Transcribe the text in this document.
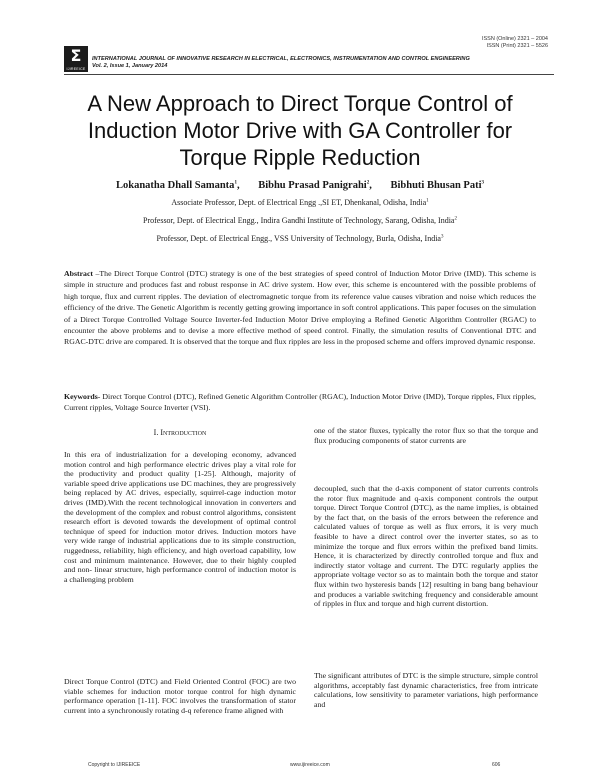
ISSN (Online) 2321 – 2004
ISSN (Print) 2321 – 5526
Σ
IJIREEICE
INTERNATIONAL JOURNAL OF INNOVATIVE RESEARCH IN ELECTRICAL, ELECTRONICS, INSTRUMENTATION AND CONTROL ENGINEERING
Vol. 2, Issue 1, January 2014
A New Approach to Direct Torque Control of
Induction Motor Drive with GA Controller for
Torque Ripple Reduction
Lokanatha Dhall Samanta$^1$, Bibhu Prasad Panigrahi$^2$, Bibhuti Bhusan Pati$^3$
Associate Professor, Dept. of Electrical Engg .,SI ET, Dhenkanal, Odisha, India$^1$
Professor, Dept. of Electrical Engg., Indira Gandhi Institute of Technology, Sarang, Odisha, India$^2$
Professor, Dept. of Electrical Engg., VSS University of Technology, Burla, Odisha, India$^3$
Abstract –The Direct Torque Control (DTC) strategy is one of the best strategies of speed control of Induction Motor Drive (IMD). This scheme is simple in structure and produces fast and robust response in AC drive system. How ever, this scheme is encountered with the possible problems of high torque, flux and current ripples. The deviation of electromagnetic torque from its reference value causes vibration and noise which reduces the efficiency of the drive. The Genetic Algorithm is recently getting growing importance in soft control applications. This paper focuses on the simulation of a Direct Torque Controlled Voltage Source Inverter-fed Induction Motor Drive employing a Refined Genetic Algorithm Controller (RGAC) to encounter the above problems and to devise a more effective method of speed control. Finally, the simulation results of Conventional DTC and RGAC-DTC drive are compared. It is observed that the torque and flux ripples are less in the proposed scheme and offers improved dynamic response.
Keywords- Direct Torque Control (DTC), Refined Genetic Algorithm Controller (RGAC), Induction Motor Drive (IMD), Torque ripples, Flux ripples, Current ripples, Voltage Source Inverter (VSI).
I. Introduction
In this era of industrialization for a developing economy, advanced motion control and high performance electric drives play a vital role for the productivity and product quality [1-25]. Although, majority of variable speed drive applications use DC machines, they are progressively being replaced by AC drives, especially, squirrel-cage induction motor drives (IMD).With the recent technological innovation in converters and the development of the complex and robust control algorithms, consistent research effort is devoted towards the development of optimal control technique of speed for induction motor drives. Induction motors have very wide range of industrial applications due to its simple construction, ruggedness, reliability, high efficiency, and high overload capability, low cost and minimum maintenance. However, due to their highly coupled and non- linear structure, high performance control of induction motor is a challenging problem
Direct Torque Control (DTC) and Field Oriented Control (FOC) are two viable schemes for induction motor torque control for high dynamic performance operation [1-11]. FOC involves the transformation of stator current into a synchronously rotating d-q reference frame aligned with
one of the stator fluxes, typically the rotor flux so that the torque and flux producing components of stator currents are
decoupled, such that the d-axis component of stator currents controls the rotor flux magnitude and q-axis component controls the output torque. Direct Torque Control (DTC), as the name implies, is obtained by the fact that, on the basis of the errors between the reference and calculated values of torque as well as flux errors, it is very much feasible to have a direct control over the inverter states, so as to minimize the torque and flux errors within the prefixed band limits. Hence, it is characterized by directly controlled torque and flux and indirectly stator voltage and current. The DTC regularly applies the appropriate voltage vector so as to maintain both the torque and stator flux within two hysteresis bands [12] resulting in bang bang behaviour and produces a variable switching frequency and considerable amount of ripples in flux and torque and high current distortion.
The significant attributes of DTC is the simple structure, simple control algorithms, acceptably fast dynamic characteristics, free from intricate calculations, low sensitivity to parameter variations, high performance and
Copyright to IJIREEICE	www.ijireeice.com	606
